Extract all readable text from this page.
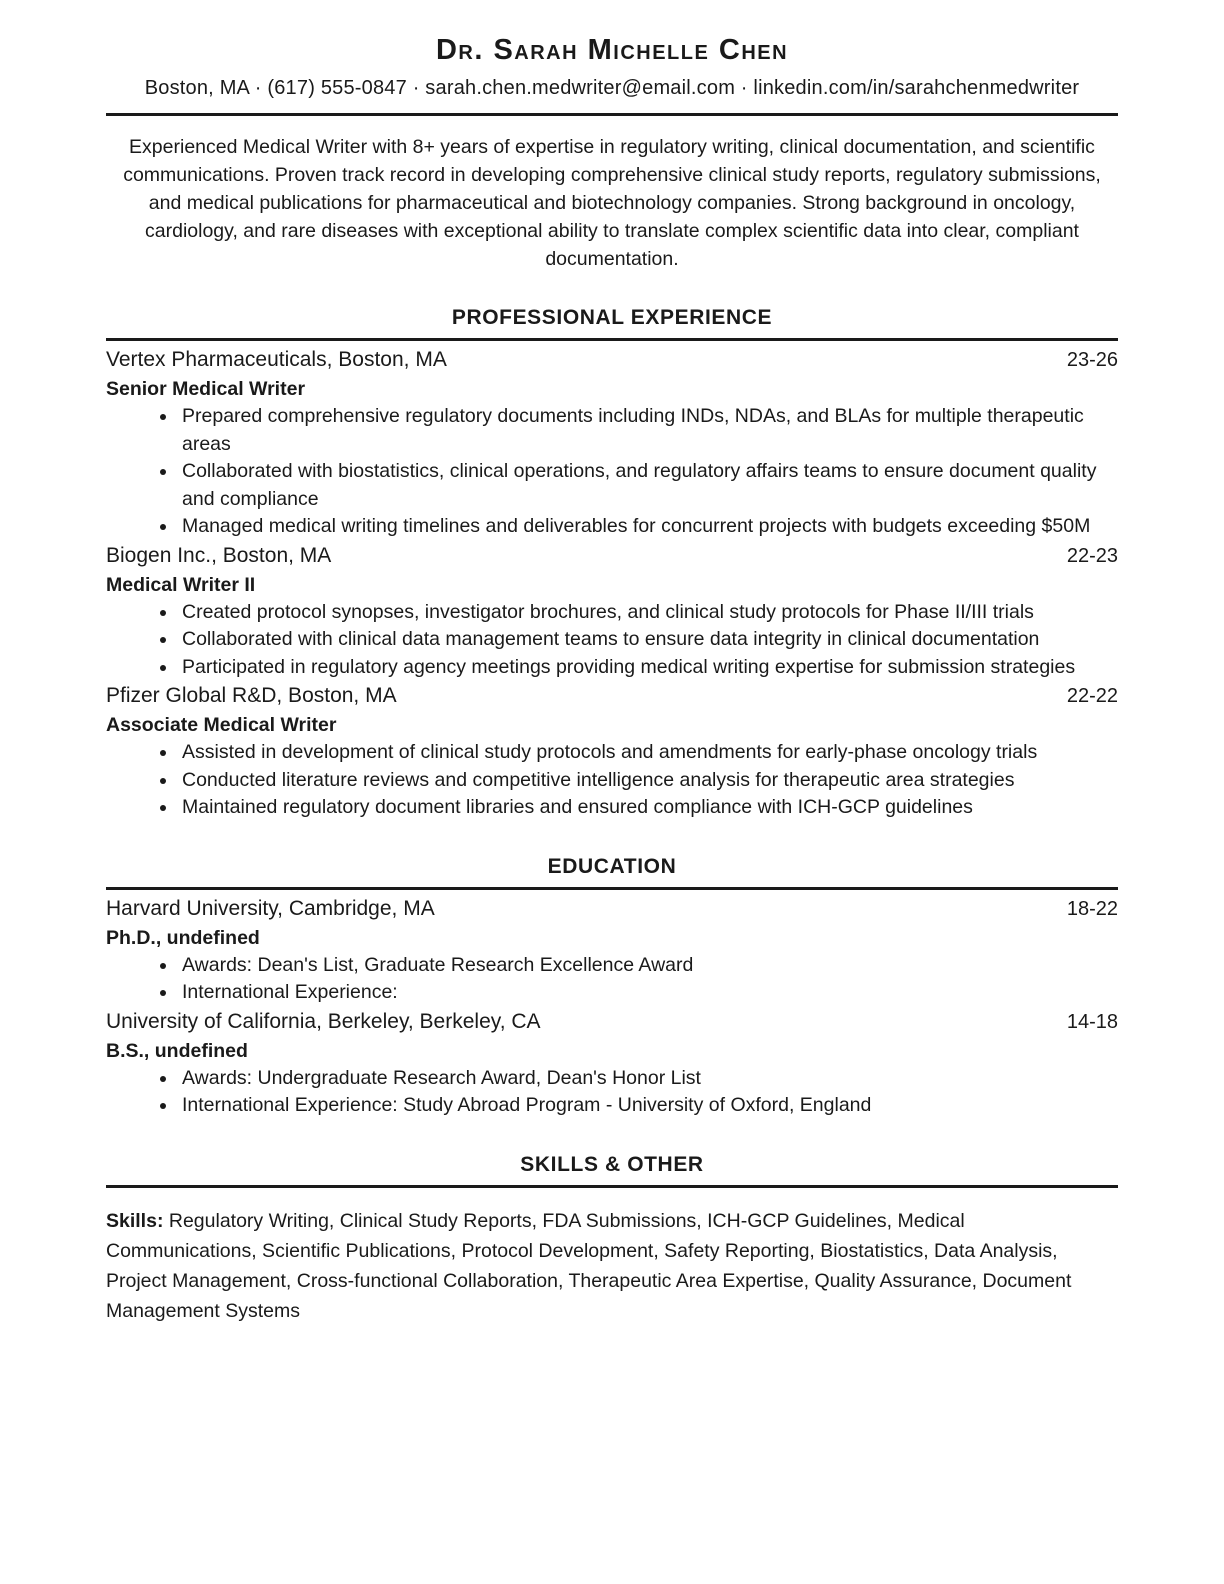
Dr. Sarah Michelle Chen
Boston, MA · (617) 555-0847 · sarah.chen.medwriter@email.com · linkedin.com/in/sarahchenmedwriter

Experienced Medical Writer with 8+ years of expertise in regulatory writing, clinical documentation, and scientific communications. Proven track record in developing comprehensive clinical study reports, regulatory submissions, and medical publications for pharmaceutical and biotechnology companies. Strong background in oncology, cardiology, and rare diseases with exceptional ability to translate complex scientific data into clear, compliant documentation.

PROFESSIONAL EXPERIENCE
Vertex Pharmaceuticals, Boston, MA	23-26
Senior Medical Writer
• Prepared comprehensive regulatory documents including INDs, NDAs, and BLAs for multiple therapeutic areas
• Collaborated with biostatistics, clinical operations, and regulatory affairs teams to ensure document quality and compliance
• Managed medical writing timelines and deliverables for concurrent projects with budgets exceeding $50M
Biogen Inc., Boston, MA	22-23
Medical Writer II
• Created protocol synopses, investigator brochures, and clinical study protocols for Phase II/III trials
• Collaborated with clinical data management teams to ensure data integrity in clinical documentation
• Participated in regulatory agency meetings providing medical writing expertise for submission strategies
Pfizer Global R&D, Boston, MA	22-22
Associate Medical Writer
• Assisted in development of clinical study protocols and amendments for early-phase oncology trials
• Conducted literature reviews and competitive intelligence analysis for therapeutic area strategies
• Maintained regulatory document libraries and ensured compliance with ICH-GCP guidelines
EDUCATION
Harvard University, Cambridge, MA	18-22
Ph.D., undefined
• Awards: Dean's List, Graduate Research Excellence Award
• International Experience:
University of California, Berkeley, Berkeley, CA	14-18
B.S., undefined
• Awards: Undergraduate Research Award, Dean's Honor List
• International Experience: Study Abroad Program - University of Oxford, England
SKILLS & OTHER

Skills: Regulatory Writing, Clinical Study Reports, FDA Submissions, ICH-GCP Guidelines, Medical Communications, Scientific Publications, Protocol Development, Safety Reporting, Biostatistics, Data Analysis, Project Management, Cross-functional Collaboration, Therapeutic Area Expertise, Quality Assurance, Document Management Systems
